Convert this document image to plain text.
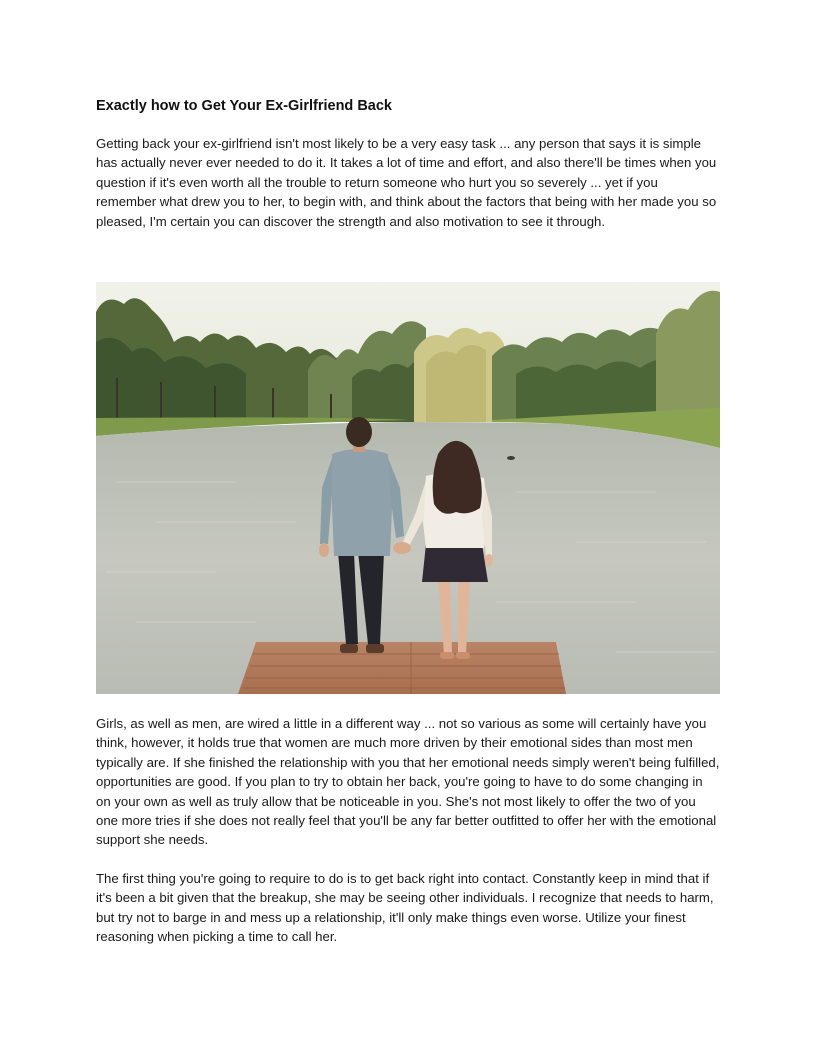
Exactly how to Get Your Ex-Girlfriend Back

Getting back your ex-girlfriend isn't most likely to be a very easy task ... any person that says it is simple has actually never ever needed to do it. It takes a lot of time and effort, and also there'll be times when you question if it's even worth all the trouble to return someone who hurt you so severely ... yet if you remember what drew you to her, to begin with, and think about the factors that being with her made you so pleased, I'm certain you can discover the strength and also motivation to see it through.

Girls, as well as men, are wired a little in a different way ... not so various as some will certainly have you think, however, it holds true that women are much more driven by their emotional sides than most men typically are. If she finished the relationship with you that her emotional needs simply weren't being fulfilled, opportunities are good. If you plan to try to obtain her back, you're going to have to do some changing in on your own as well as truly allow that be noticeable in you. She's not most likely to offer the two of you one more tries if she does not really feel that you'll be any far better outfitted to offer her with the emotional support she needs.

The first thing you're going to require to do is to get back right into contact. Constantly keep in mind that if it's been a bit given that the breakup, she may be seeing other individuals. I recognize that needs to harm, but try not to barge in and mess up a relationship, it'll only make things even worse. Utilize your finest reasoning when picking a time to call her.
